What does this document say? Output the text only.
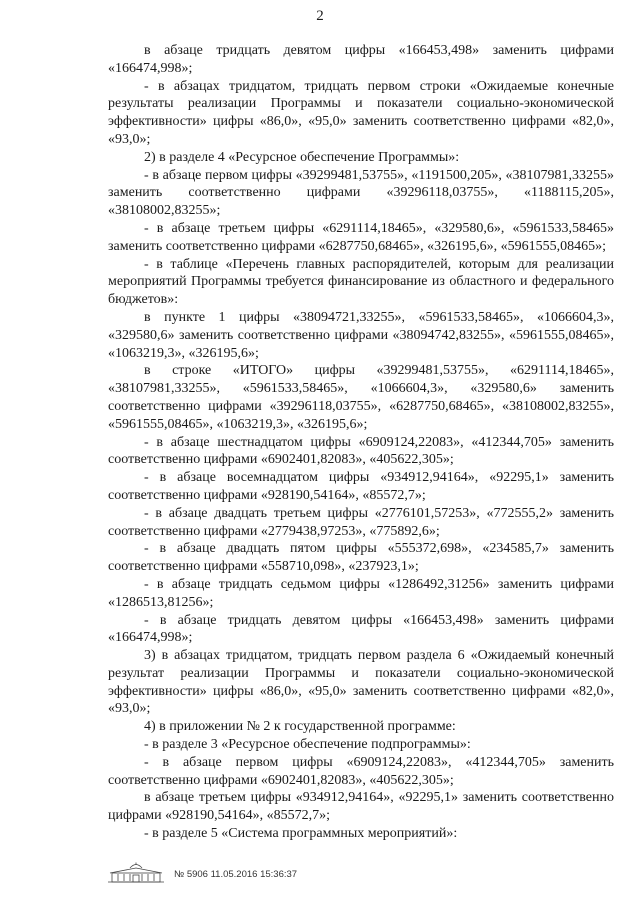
2

в абзаце тридцать девятом цифры «166453,498» заменить цифрами «166474,998»;

- в абзацах тридцатом, тридцать первом строки «Ожидаемые конечные результаты реализации Программы и показатели социально-экономической эффективности» цифры «86,0», «95,0» заменить соответственно цифрами «82,0», «93,0»;

2) в разделе 4 «Ресурсное обеспечение Программы»:

- в абзаце первом цифры «39299481,53755», «1191500,205», «38107981,33255» заменить соответственно цифрами «39296118,03755», «1188115,205», «38108002,83255»;

- в абзаце третьем цифры «6291114,18465», «329580,6», «5961533,58465» заменить соответственно цифрами «6287750,68465», «326195,6», «5961555,08465»;

- в таблице «Перечень главных распорядителей, которым для реализации мероприятий Программы требуется финансирование из областного и федерального бюджетов»:

в пункте 1 цифры «38094721,33255», «5961533,58465», «1066604,3», «329580,6» заменить соответственно цифрами «38094742,83255», «5961555,08465», «1063219,3», «326195,6»;

в строке «ИТОГО» цифры «39299481,53755», «6291114,18465», «38107981,33255», «5961533,58465», «1066604,3», «329580,6» заменить соответственно цифрами «39296118,03755», «6287750,68465», «38108002,83255», «5961555,08465», «1063219,3», «326195,6»;

- в абзаце шестнадцатом цифры «6909124,22083», «412344,705» заменить соответственно цифрами «6902401,82083», «405622,305»;

- в абзаце восемнадцатом цифры «934912,94164», «92295,1» заменить соответственно цифрами «928190,54164», «85572,7»;

- в абзаце двадцать третьем цифры «2776101,57253», «772555,2» заменить соответственно цифрами «2779438,97253», «775892,6»;

- в абзаце двадцать пятом цифры «555372,698», «234585,7» заменить соответственно цифрами «558710,098», «237923,1»;

- в абзаце тридцать седьмом цифры «1286492,31256» заменить цифрами «1286513,81256»;

- в абзаце тридцать девятом цифры «166453,498» заменить цифрами «166474,998»;

3) в абзацах тридцатом, тридцать первом раздела 6 «Ожидаемый конечный результат реализации Программы и показатели социально-экономической эффективности» цифры «86,0», «95,0» заменить соответственно цифрами «82,0», «93,0»;

4) в приложении № 2 к государственной программе:

- в разделе 3 «Ресурсное обеспечение подпрограммы»:

- в абзаце первом цифры «6909124,22083», «412344,705» заменить соответственно цифрами «6902401,82083», «405622,305»;

в абзаце третьем цифры «934912,94164», «92295,1» заменить соответственно цифрами «928190,54164», «85572,7»;

- в разделе 5 «Система программных мероприятий»:

№ 5906 11.05.2016 15:36:37
